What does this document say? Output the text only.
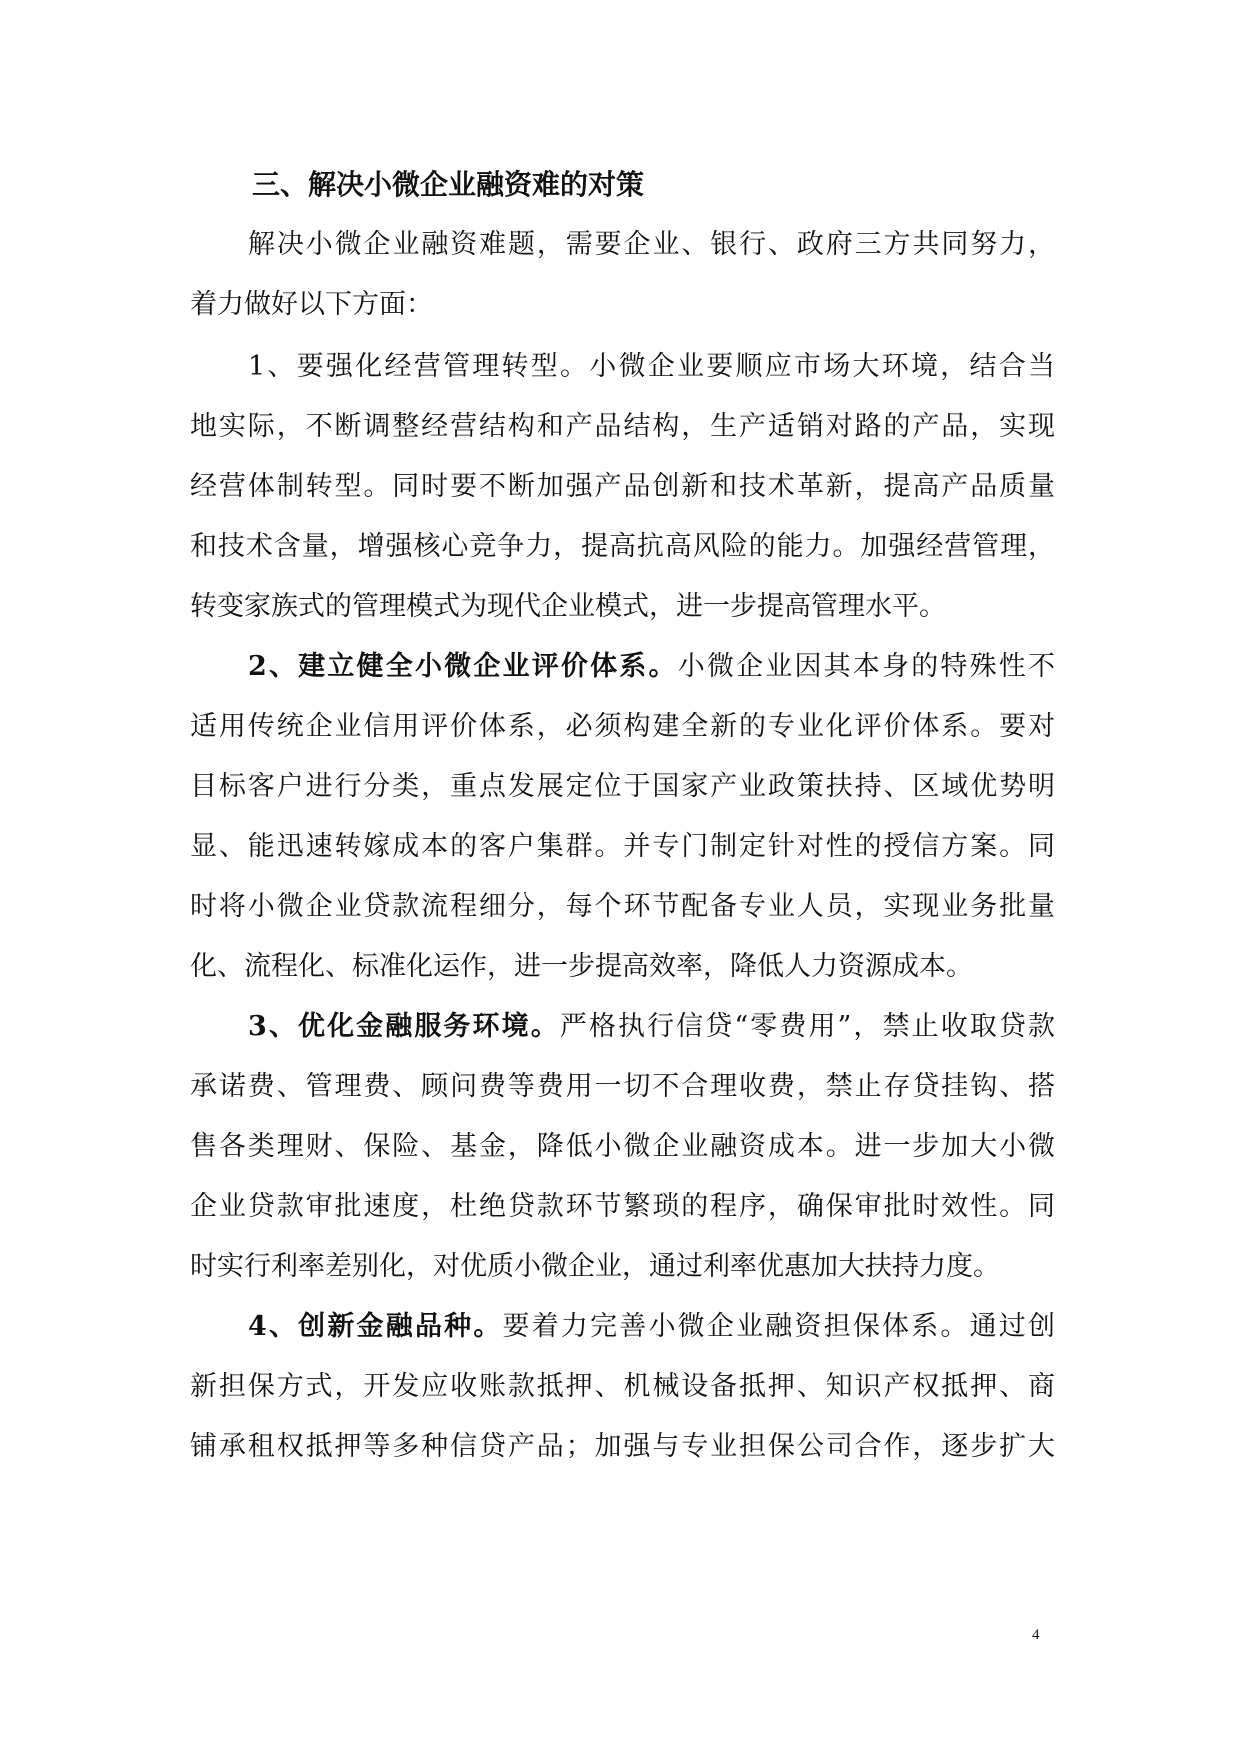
三、解决小微企业融资难的对策
解决小微企业融资难题，需要企业、银行、政府三方共同努力，
着力做好以下方面：
1、要强化经营管理转型。小微企业要顺应市场大环境，结合当
地实际，不断调整经营结构和产品结构，生产适销对路的产品，实现
经营体制转型。同时要不断加强产品创新和技术革新，提高产品质量
和技术含量，增强核心竞争力，提高抗高风险的能力。加强经营管理，
转变家族式的管理模式为现代企业模式，进一步提高管理水平。
2、建立健全小微企业评价体系。小微企业因其本身的特殊性不
适用传统企业信用评价体系，必须构建全新的专业化评价体系。要对
目标客户进行分类，重点发展定位于国家产业政策扶持、区域优势明
显、能迅速转嫁成本的客户集群。并专门制定针对性的授信方案。同
时将小微企业贷款流程细分，每个环节配备专业人员，实现业务批量
化、流程化、标准化运作，进一步提高效率，降低人力资源成本。
3、优化金融服务环境。严格执行信贷“零费用”，禁止收取贷款
承诺费、管理费、顾问费等费用一切不合理收费，禁止存贷挂钩、搭
售各类理财、保险、基金，降低小微企业融资成本。进一步加大小微
企业贷款审批速度，杜绝贷款环节繁琐的程序，确保审批时效性。同
时实行利率差别化，对优质小微企业，通过利率优惠加大扶持力度。
4、创新金融品种。要着力完善小微企业融资担保体系。通过创
新担保方式，开发应收账款抵押、机械设备抵押、知识产权抵押、商
铺承租权抵押等多种信贷产品；加强与专业担保公司合作，逐步扩大
4
